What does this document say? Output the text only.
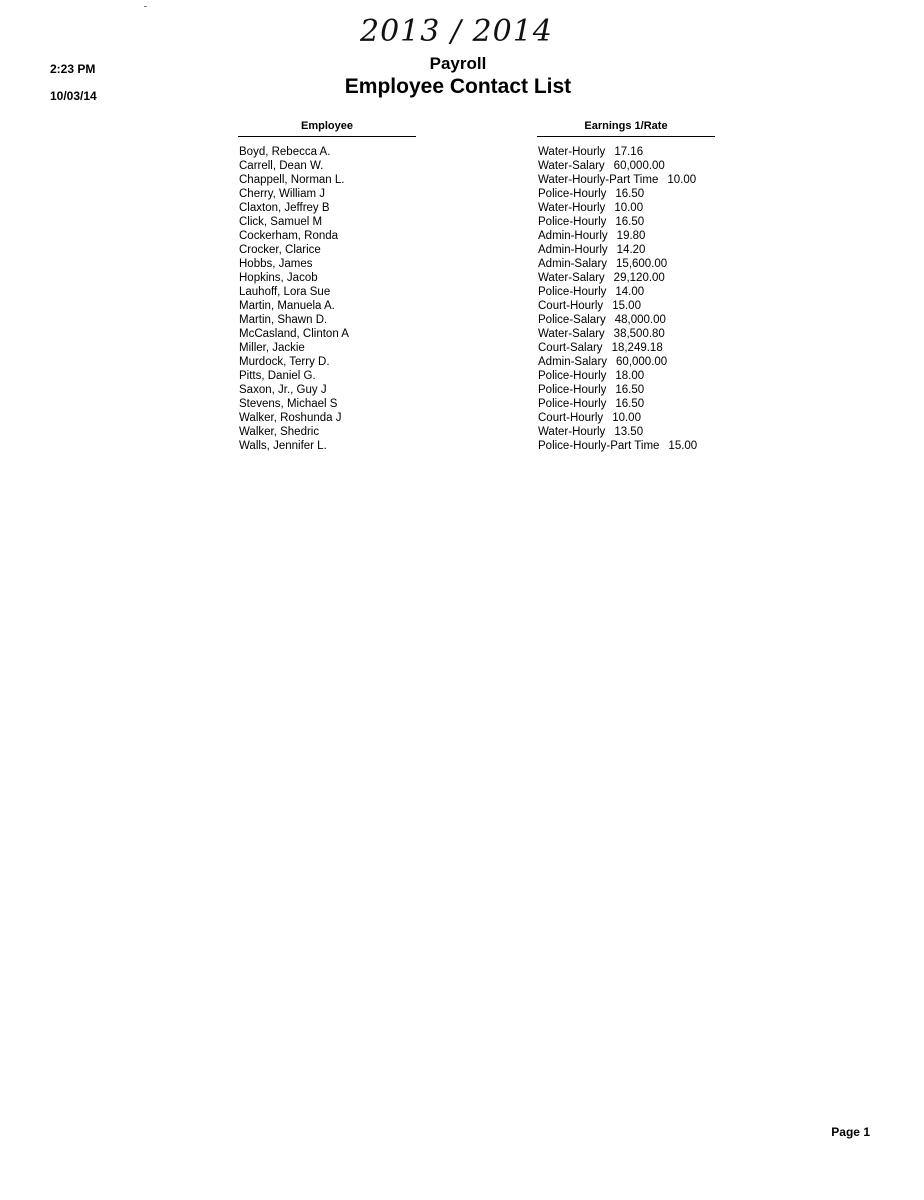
2013 / 2014
2:23 PM
10/03/14
Payroll
Employee Contact List
Employee	Earnings 1/Rate
Boyd, Rebecca A.	Water-Hourly 17.16
Carrell, Dean W.	Water-Salary 60,000.00
Chappell, Norman L.	Water-Hourly-Part Time 10.00
Cherry, William J	Police-Hourly 16.50
Claxton, Jeffrey B	Water-Hourly 10.00
Click, Samuel M	Police-Hourly 16.50
Cockerham, Ronda	Admin-Hourly 19.80
Crocker, Clarice	Admin-Hourly 14.20
Hobbs, James	Admin-Salary 15,600.00
Hopkins, Jacob	Water-Salary 29,120.00
Lauhoff, Lora Sue	Police-Hourly 14.00
Martin, Manuela A.	Court-Hourly 15.00
Martin, Shawn D.	Police-Salary 48,000.00
McCasland, Clinton A	Water-Salary 38,500.80
Miller, Jackie	Court-Salary 18,249.18
Murdock, Terry D.	Admin-Salary 60,000.00
Pitts, Daniel G.	Police-Hourly 18.00
Saxon, Jr., Guy J	Police-Hourly 16.50
Stevens, Michael S	Police-Hourly 16.50
Walker, Roshunda J	Court-Hourly 10.00
Walker, Shedric	Water-Hourly 13.50
Walls, Jennifer L.	Police-Hourly-Part Time 15.00
Page 1
